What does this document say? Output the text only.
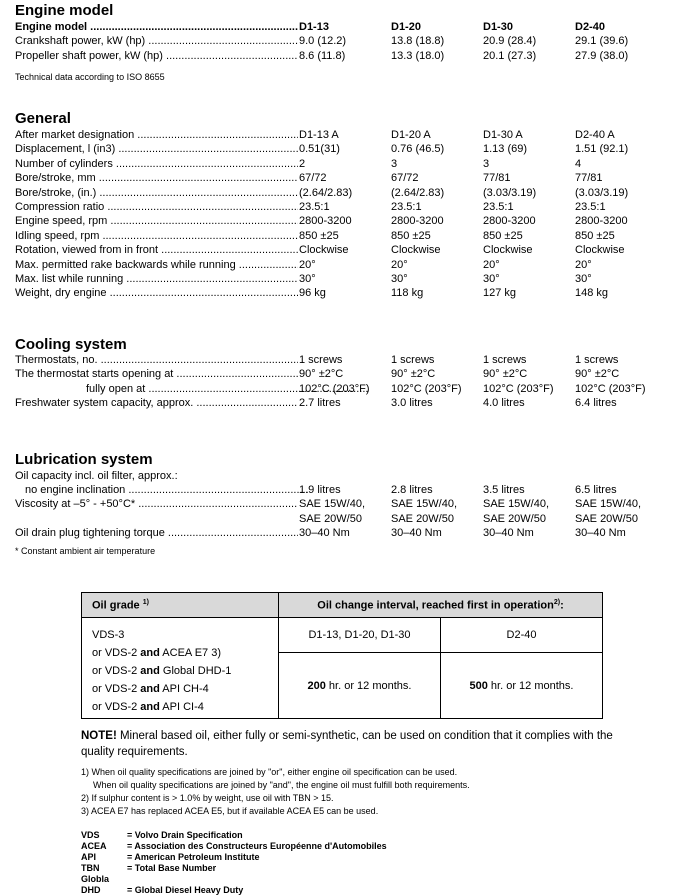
Engine model
Engine model .....	D1-13	D1-20	D1-30	D2-40
Crankshaft power, kW (hp) .....	9.0 (12.2)	13.8 (18.8)	20.9 (28.4)	29.1 (39.6)
Propeller shaft power, kW (hp) .....	8.6 (11.8)	13.3 (18.0)	20.1 (27.3)	27.9 (38.0)
Technical data according to ISO 8655
General
After market designation .....	D1-13 A	D1-20 A	D1-30 A	D2-40 A
Displacement, l (in3) .....	0.51(31)	0.76 (46.5)	1.13 (69)	1.51 (92.1)
Number of cylinders .....	2	3	3	4
Bore/stroke, mm .....	67/72	67/72	77/81	77/81
Bore/stroke, (in.) .....	(2.64/2.83)	(2.64/2.83)	(3.03/3.19)	(3.03/3.19)
Compression ratio .....	23.5:1	23.5:1	23.5:1	23.5:1
Engine speed, rpm .....	2800-3200	2800-3200	2800-3200	2800-3200
Idling speed, rpm .....	850 ±25	850 ±25	850 ±25	850 ±25
Rotation, viewed from in front .....	Clockwise	Clockwise	Clockwise	Clockwise
Max. permitted rake backwards while running .....	20°	20°	20°	20°
Max. list while running .....	30°	30°	30°	30°
Weight, dry engine .....	96 kg	118 kg	127 kg	148 kg
Cooling system
Thermostats, no. .....	1 screws	1 screws	1 screws	1 screws
The thermostat starts opening at .....	90° ±2°C	90° ±2°C	90° ±2°C	90° ±2°C
fully open at .....	102°C (203°F) 102°C (203°F) 102°C (203°F) 102°C (203°F)
Freshwater system capacity, approx. .....	2.7 litres	3.0 litres	4.0 litres	6.4 litres
Lubrication system
Oil capacity incl. oil filter, approx.:
no engine inclination .....	1.9 litres	2.8 litres	3.5 litres	6.5 litres
Viscosity at –5° - +50°C* .....	SAE 15W/40, SAE 15W/40, SAE 15W/40, SAE 15W/40,
SAE 20W/50	SAE 20W/50	SAE 20W/50	SAE 20W/50
Oil drain plug tightening torque .....	30–40 Nm	30–40 Nm	30–40 Nm	30–40 Nm
* Constant ambient air temperature
Oil grade $^{1)}$	Oil change interval, reached first in operation$^{2)}$:	

VDS-3
or VDS-2 and ACEA E7 3)
or VDS-2 and Global DHD-1
or VDS-2 and API CH-4
or VDS-2 and API CI-4	D1-13, D1-20, D1-30	D2-40
	200 hr. or 12 months.	500 hr. or 12 months.
NOTE! Mineral based oil, either fully or semi-synthetic, can be used on condition that it complies with the quality requirements.
1) When oil quality specifications are joined by "or", either engine oil specification can be used.
When oil quality specifications are joined by "and", the engine oil must fulfill both requirements.
2) If sulphur content is > 1.0% by weight, use oil with TBN > 15.
3) ACEA E7 has replaced ACEA E5, but if available ACEA E5 can be used.
VDS	= Volvo Drain Specification
ACEA = Association des Constructeurs Européenne d'Automobiles
API	= American Petroleum Institute
TBN	= Total Base Number
Globla DHD	= Global Diesel Heavy Duty
